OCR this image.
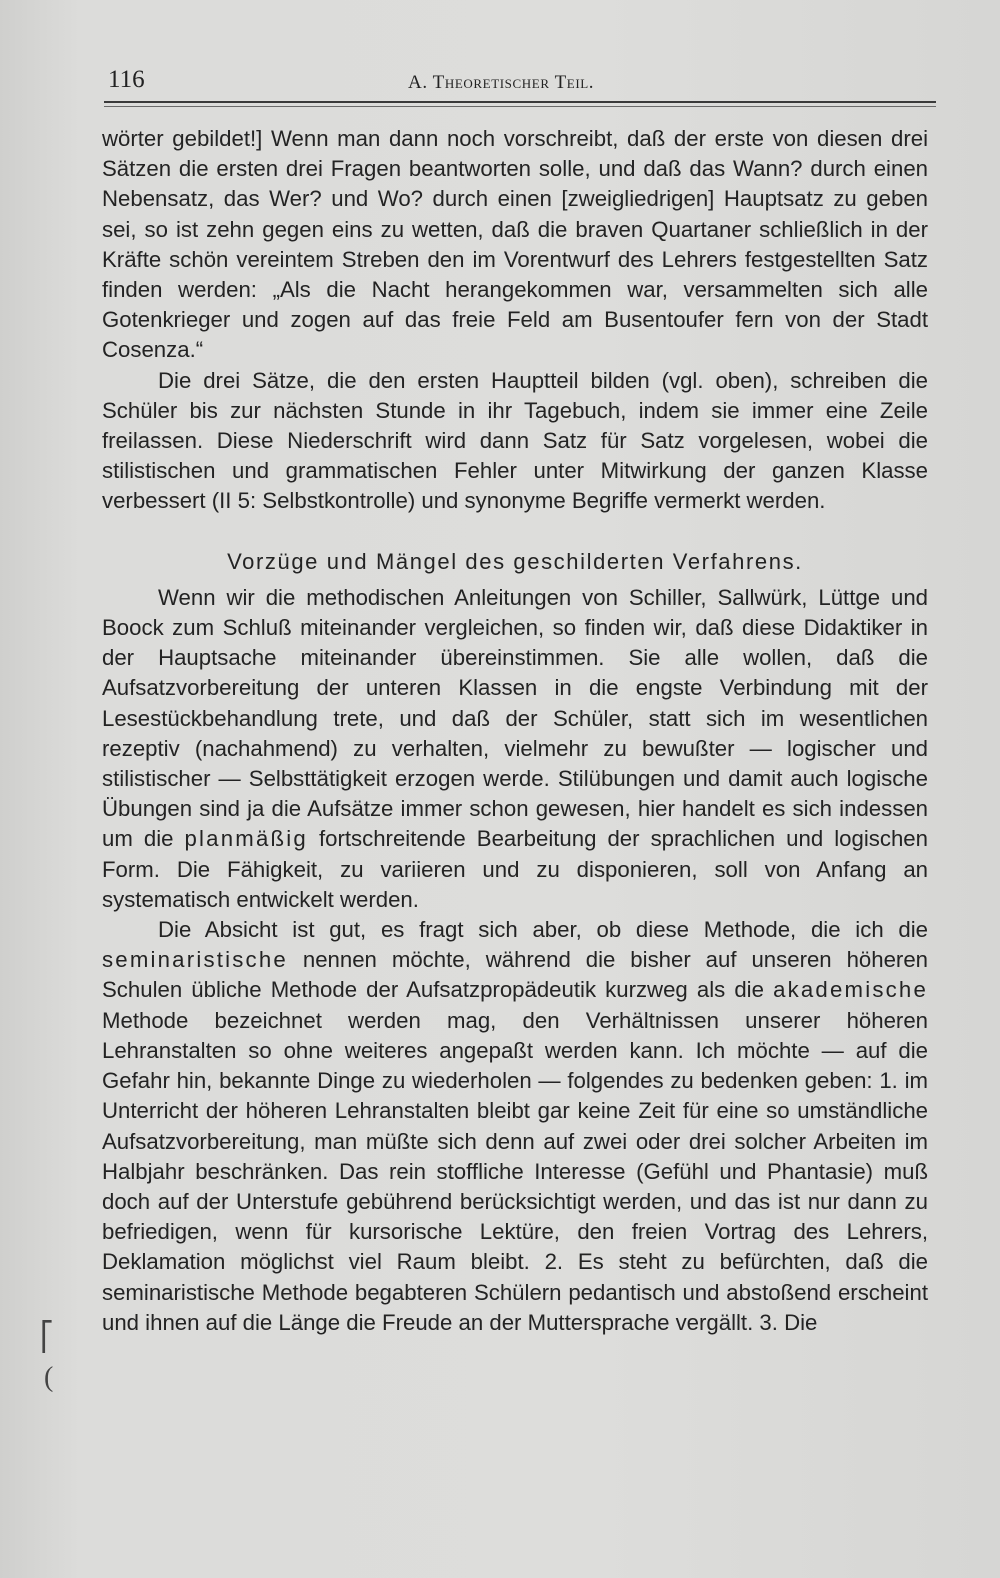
116	A. Theoretischer Teil.

wörter gebildet!] Wenn man dann noch vorschreibt, daß der erste von diesen drei Sätzen die ersten drei Fragen beantworten solle, und daß das Wann? durch einen Nebensatz, das Wer? und Wo? durch einen [zweigliedrigen] Hauptsatz zu geben sei, so ist zehn gegen eins zu wetten, daß die braven Quartaner schließlich in der Kräfte schön vereintem Streben den im Vorentwurf des Lehrers festgestellten Satz finden werden: „Als die Nacht herangekommen war, versammelten sich alle Gotenkrieger und zogen auf das freie Feld am Busentoufer fern von der Stadt Cosenza.“

Die drei Sätze, die den ersten Hauptteil bilden (vgl. oben), schreiben die Schüler bis zur nächsten Stunde in ihr Tagebuch, indem sie immer eine Zeile freilassen. Diese Niederschrift wird dann Satz für Satz vorgelesen, wobei die stilistischen und grammatischen Fehler unter Mitwirkung der ganzen Klasse verbessert (II 5: Selbstkontrolle) und synonyme Begriffe vermerkt werden.

Vorzüge und Mängel des geschilderten Verfahrens.

Wenn wir die methodischen Anleitungen von Schiller, Sallwürk, Lüttge und Boock zum Schluß miteinander vergleichen, so finden wir, daß diese Didaktiker in der Hauptsache miteinander übereinstimmen. Sie alle wollen, daß die Aufsatzvorbereitung der unteren Klassen in die engste Verbindung mit der Lesestückbehandlung trete, und daß der Schüler, statt sich im wesentlichen rezeptiv (nachahmend) zu verhalten, vielmehr zu bewußter — logischer und stilistischer — Selbsttätigkeit erzogen werde. Stilübungen und damit auch logische Übungen sind ja die Aufsätze immer schon gewesen, hier handelt es sich indessen um die planmäßig fortschreitende Bearbeitung der sprachlichen und logischen Form. Die Fähigkeit, zu variieren und zu disponieren, soll von Anfang an systematisch entwickelt werden.

Die Absicht ist gut, es fragt sich aber, ob diese Methode, die ich die seminaristische nennen möchte, während die bisher auf unseren höheren Schulen übliche Methode der Aufsatzpropädeutik kurzweg als die akademische Methode bezeichnet werden mag, den Verhältnissen unserer höheren Lehranstalten so ohne weiteres angepaßt werden kann. Ich möchte — auf die Gefahr hin, bekannte Dinge zu wiederholen — folgendes zu bedenken geben: 1. im Unterricht der höheren Lehranstalten bleibt gar keine Zeit für eine so umständliche Aufsatzvorbereitung, man müßte sich denn auf zwei oder drei solcher Arbeiten im Halbjahr beschränken. Das rein stoffliche Interesse (Gefühl und Phantasie) muß doch auf der Unterstufe gebührend berücksichtigt werden, und das ist nur dann zu befriedigen, wenn für kursorische Lektüre, den freien Vortrag des Lehrers, Deklamation möglichst viel Raum bleibt. 2. Es steht zu befürchten, daß die seminaristische Methode begabteren Schülern pedantisch und abstoßend erscheint und ihnen auf die Länge die Freude an der Muttersprache vergällt. 3. Die

⎡
(
